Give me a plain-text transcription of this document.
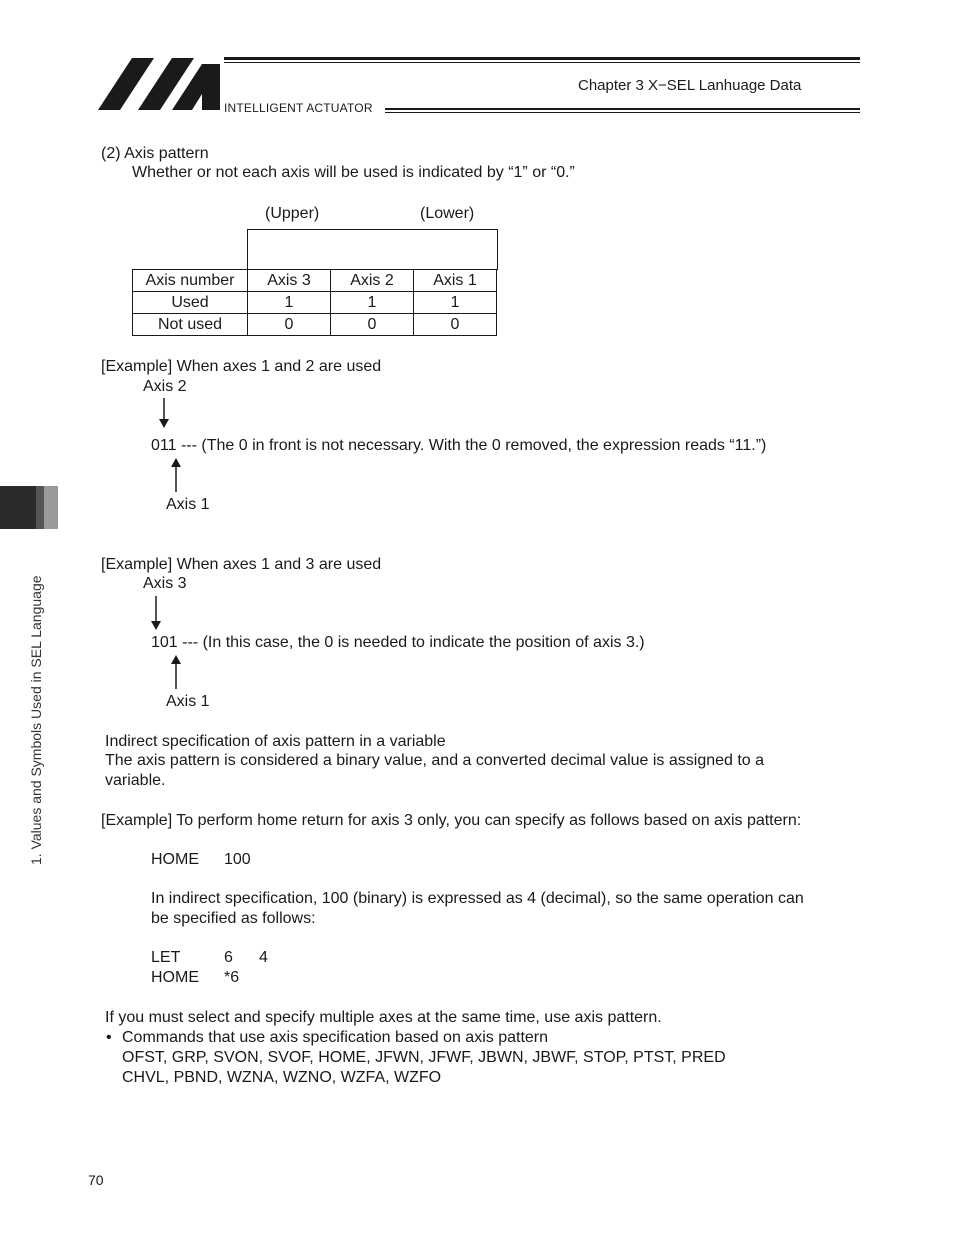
Chapter 3 X−SEL Lanhuage Data
INTELLIGENT ACTUATOR
1. Values and Symbols Used in SEL Language
(2) Axis pattern
Whether or not each axis will be used is indicated by “1” or “0.”
(Upper)	(Lower)
Axis number	Axis 3	Axis 2	Axis 1
Used	1	1	1
Not used	0	0	0
[Example] When axes 1 and 2 are used
Axis 2
011 --- (The 0 in front is not necessary. With the 0 removed, the expression reads “11.”)
Axis 1
[Example] When axes 1 and 3 are used
Axis 3
101 --- (In this case, the 0 is needed to indicate the position of axis 3.)
Axis 1
Indirect specification of axis pattern in a variable
The axis pattern is considered a binary value, and a converted decimal value is assigned to a
variable.
[Example] To perform home return for axis 3 only, you can specify as follows based on axis pattern:
HOME 100
In indirect specification, 100 (binary) is expressed as 4 (decimal), so the same operation can
be specified as follows:
LET	6 4
HOME *6
If you must select and specify multiple axes at the same time, use axis pattern.
• Commands that use axis specification based on axis pattern
OFST, GRP, SVON, SVOF, HOME, JFWN, JFWF, JBWN, JBWF, STOP, PTST, PRED
CHVL, PBND, WZNA, WZNO, WZFA, WZFO
70
